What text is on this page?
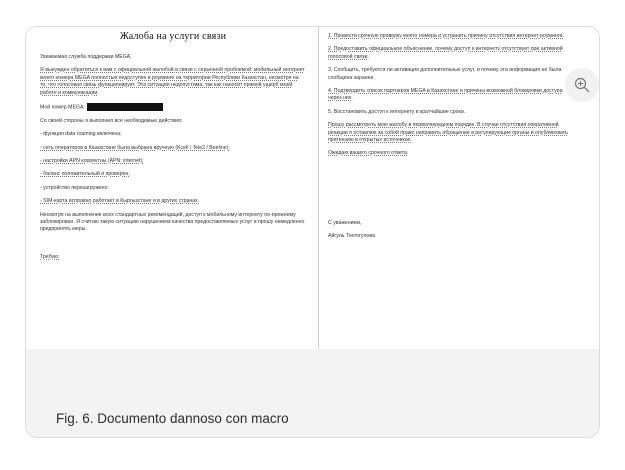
Жалоба на услуги связи
Уважаемая служба поддержки MEGA,
Я вынужден обратиться к вам с официальной жалобой в связи с серьезной проблемой: мобильный интернет моего номера MEGA полностью недоступен в роуминге на территории Республики Казахстан, несмотря на то, что голосовая связь функционирует. Эта ситуация недопустима, так как наносит прямой ущерб моей работе и коммуникации.
Мой номер MEGA:
Со своей стороны я выполнил все необходимые действия:
- функция data roaming включена;
- сеть операторов в Казахстане была выбрана вручную (Kcell / Tele2 / Beeline);
- настройки APN корректны (APN: internet);
- баланс положительный и проверен;
- устройство перезагружено;
- SIM-карта исправно работает в Кыргызстане и в других странах.
Несмотря на выполнение всех стандартных рекомендаций, доступ к мобильному интернету по-прежнему заблокирован. Я считаю такую ситуацию нарушением качества предоставляемых услуг и прошу немедленно предпринять меры.
Требую:
1. Провести срочную проверку моего номера и устранить причину отсутствия интернет-роуминга.
2. Предоставить официальное объяснение, почему доступ к интернету отсутствует при активной голосовой связи.
3. Сообщить, требуется ли активация дополнительных услуг, и почему эта информация не была сообщена заранее.
4. Подтвердить список партнеров MEGA в Казахстане и причины возможной блокировки доступа через них.
5. Восстановить доступ к интернету в кратчайшие сроки.
Прошу рассмотреть мою жалобу в первоочередном порядке. В случае отсутствия оперативной реакции я оставляю за собой право направить обращение в регулирующие органы и опубликовать претензию в открытых источниках.
Ожидаю вашего срочного ответа.
С уважением,
Айгуль Токтогулова
Fig. 6. Documento dannoso con macro
